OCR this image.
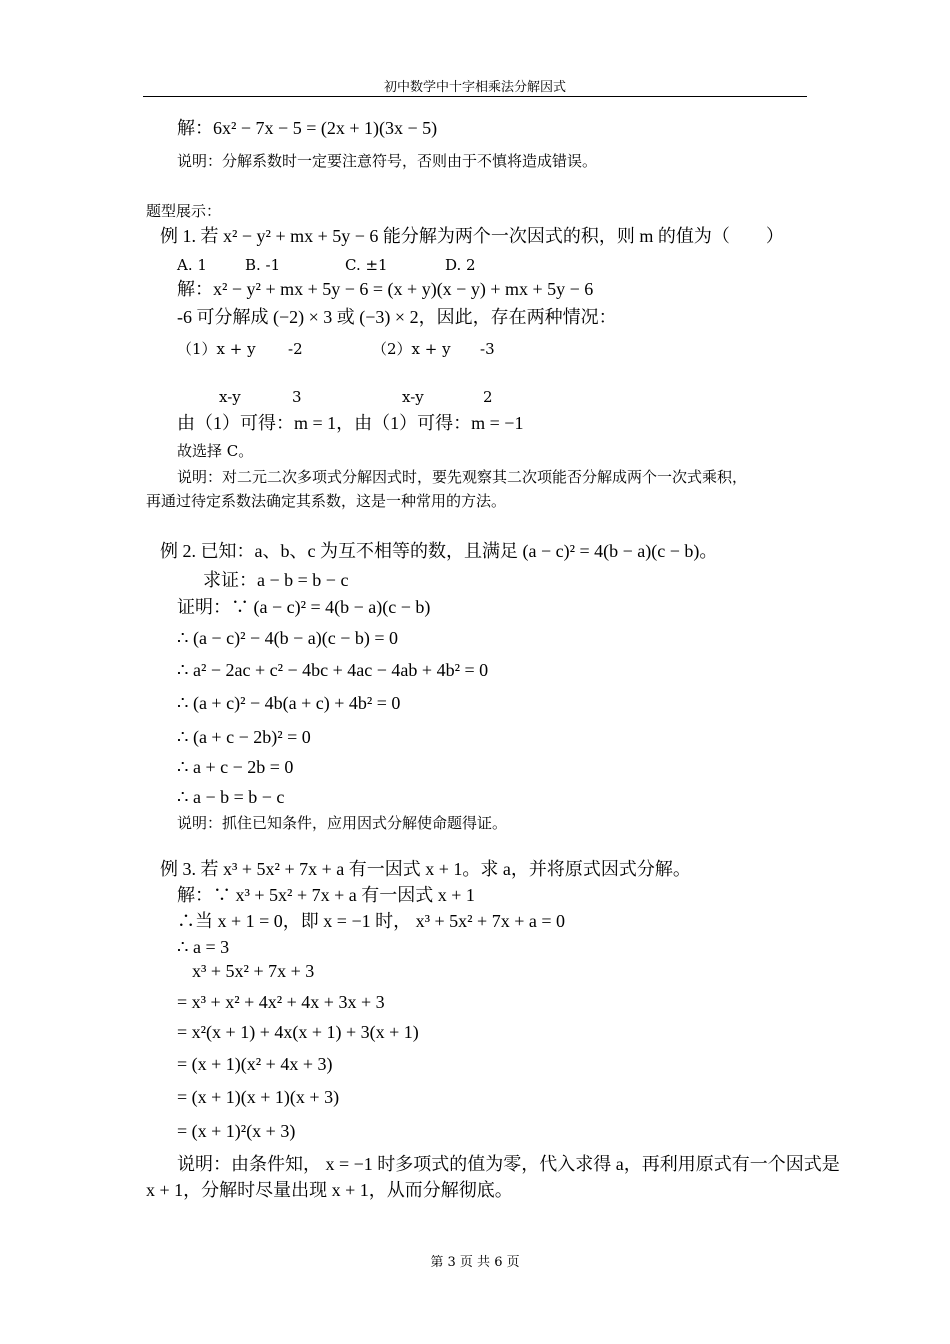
初中数学中十字相乘法分解因式
解：6x² − 7x − 5 = (2x + 1)(3x − 5)
说明：分解系数时一定要注意符号，否则由于不慎将造成错误。
题型展示：
例 1. 若 x² − y² + mx + 5y − 6 能分解为两个一次因式的积，则 m 的值为（　　）
A. 1	B. -1	C. ±1	D. 2
解：x² − y² + mx + 5y − 6 = (x + y)(x − y) + mx + 5y − 6
-6 可分解成 (−2) × 3 或 (−3) × 2，因此，存在两种情况：
（1）x + y -2	（2）x + y -3
x-y	3	x-y	2
由（1）可得：m = 1，由（1）可得：m = −1
故选择 C。
说明：对二元二次多项式分解因式时，要先观察其二次项能否分解成两个一次式乘积，
再通过待定系数法确定其系数，这是一种常用的方法。
例 2. 已知：a、b、c 为互不相等的数，且满足 (a − c)² = 4(b − a)(c − b)。
求证：a − b = b − c
证明：∵ (a − c)² = 4(b − a)(c − b)
∴ (a − c)² − 4(b − a)(c − b) = 0
∴ a² − 2ac + c² − 4bc + 4ac − 4ab + 4b² = 0
∴ (a + c)² − 4b(a + c) + 4b² = 0
∴ (a + c − 2b)² = 0
∴ a + c − 2b = 0
∴ a − b = b − c
说明：抓住已知条件，应用因式分解使命题得证。
例 3. 若 x³ + 5x² + 7x + a 有一因式 x + 1。求 a，并将原式因式分解。
解：∵ x³ + 5x² + 7x + a 有一因式 x + 1
∴当 x + 1 = 0，即 x = −1 时， x³ + 5x² + 7x + a = 0
∴ a = 3
x³ + 5x² + 7x + 3
= x³ + x² + 4x² + 4x + 3x + 3
= x²(x + 1) + 4x(x + 1) + 3(x + 1)
= (x + 1)(x² + 4x + 3)
= (x + 1)(x + 1)(x + 3)
= (x + 1)²(x + 3)
说明：由条件知， x = −1 时多项式的值为零，代入求得 a，再利用原式有一个因式是
x + 1，分解时尽量出现 x + 1，从而分解彻底。
第 3 页 共 6 页
